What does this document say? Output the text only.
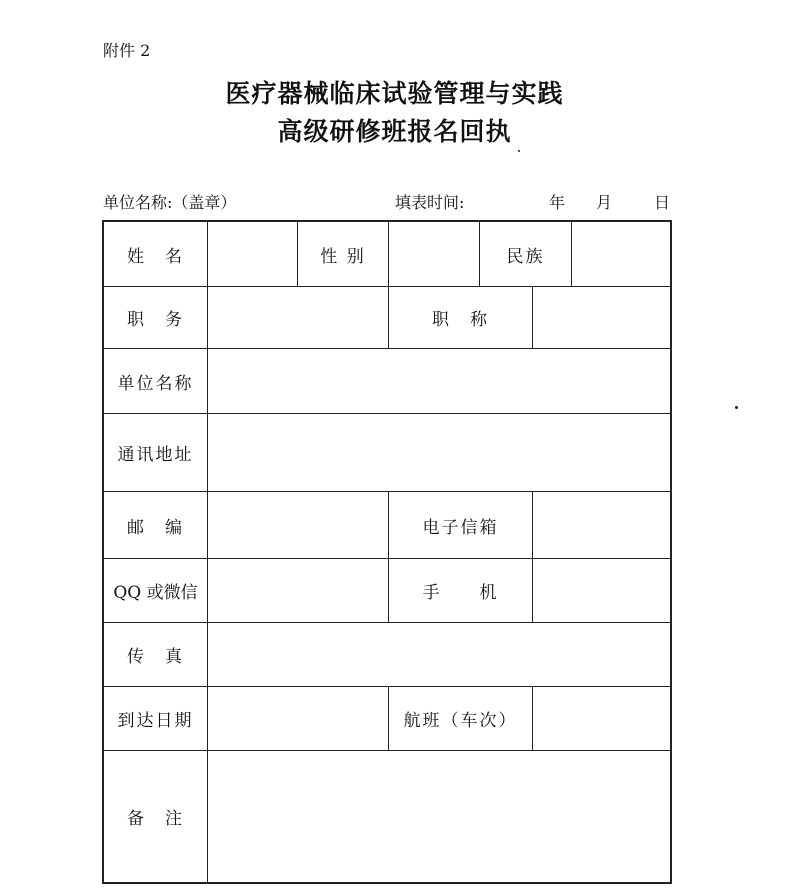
附件 2
医疗器械临床试验管理与实践
高级研修班报名回执
单位名称:（盖章）	填表时间:	年 月	日
姓　名	性 别	民族
职　务	职　称
单位名称
通讯地址
邮　编	电子信箱
QQ 或微信	手　　机
传　真
到达日期	航班（车次）
备　注
